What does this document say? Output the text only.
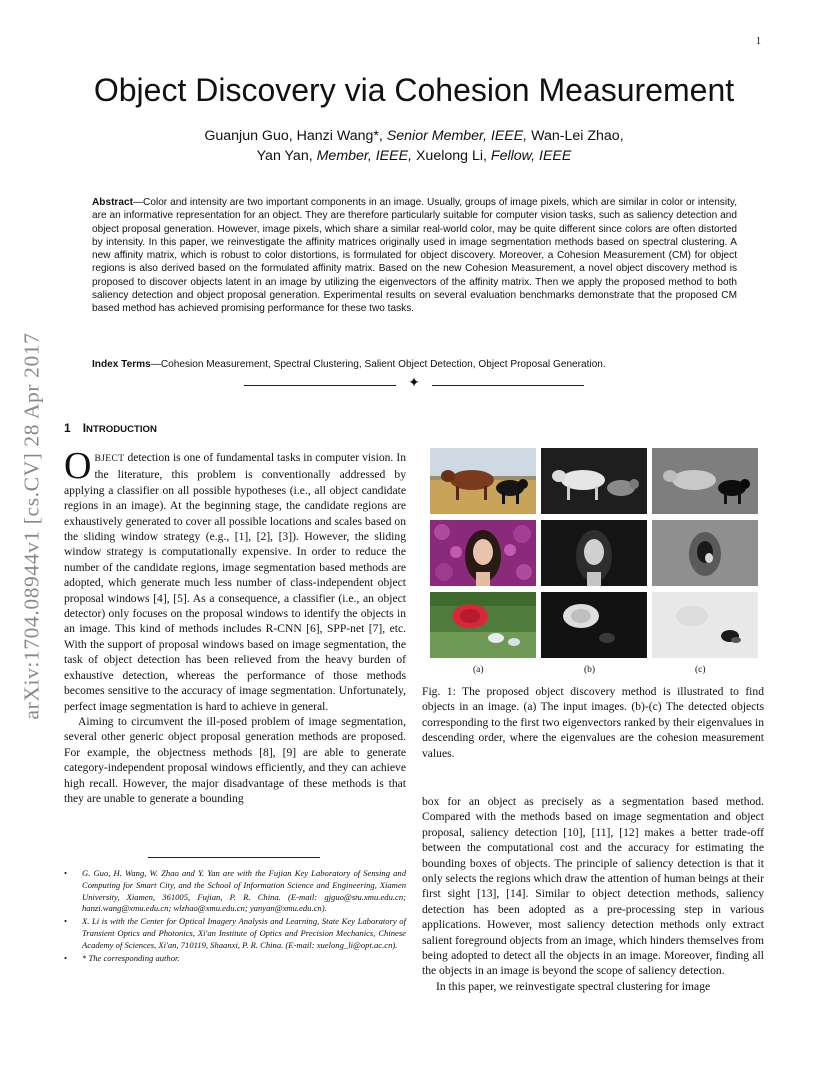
1
arXiv:1704.08944v1 [cs.CV] 28 Apr 2017
Object Discovery via Cohesion Measurement
Guanjun Guo, Hanzi Wang*, Senior Member, IEEE, Wan-Lei Zhao,
Yan Yan, Member, IEEE, Xuelong Li, Fellow, IEEE

Abstract—Color and intensity are two important components in an image. Usually, groups of image pixels, which are similar in color or intensity, are an informative representation for an object. They are therefore particularly suitable for computer vision tasks, such as saliency detection and object proposal generation. However, image pixels, which share a similar real-world color, may be quite different since colors are often distorted by intensity. In this paper, we reinvestigate the affinity matrices originally used in image segmentation methods based on spectral clustering. A new affinity matrix, which is robust to color distortions, is formulated for object discovery. Moreover, a Cohesion Measurement (CM) for object regions is also derived based on the formulated affinity matrix. Based on the new Cohesion Measurement, a novel object discovery method is proposed to discover objects latent in an image by utilizing the eigenvectors of the affinity matrix. Then we apply the proposed method to both saliency detection and object proposal generation. Experimental results on several evaluation benchmarks demonstrate that the proposed CM based method has achieved promising performance for these two tasks.

Index Terms—Cohesion Measurement, Spectral Clustering, Salient Object Detection, Object Proposal Generation.

✦
1 INTRODUCTION

OBJECT detection is one of fundamental tasks in computer vision. In the literature, this problem is conventionally addressed by applying a classifier on all possible hypotheses (i.e., all object candidate regions in an image). At the beginning stage, the candidate regions are exhaustively generated to cover all possible locations and scales based on the sliding window strategy (e.g., [1], [2], [3]). However, the sliding window strategy is computationally expensive. In order to reduce the number of the candidate regions, image segmentation based methods are adopted, which generate much less number of class-independent object proposal windows [4], [5]. As a consequence, a classifier (i.e., an object detector) only focuses on the proposal windows to identify the objects in an image. This kind of methods includes R-CNN [6], SPP-net [7], etc. With the support of proposal windows based on image segmentation, the task of object detection has been relieved from the heavy burden of exhaustive detection, whereas the performance of those methods becomes sensitive to the accuracy of image segmentation. Unfortunately, perfect image segmentation is hard to achieve in general.

Aiming to circumvent the ill-posed problem of image segmentation, several other generic object proposal generation methods are proposed. For example, the objectness methods [8], [9] are able to generate category-independent proposal windows efficiently, and they can achieve high recall. However, the major disadvantage of these methods is that they are unable to generate a bounding

• G. Guo, H. Wang, W. Zhao and Y. Yan are with the Fujian Key Laboratory of Sensing and Computing for Smart City, and the School of Information Science and Engineering, Xiamen University, Xiamen, 361005, Fujian, P. R. China. (E-mail: gjguo@stu.xmu.edu.cn; hanzi.wang@xmu.edu.cn; wlzhao@xmu.edu.cn; yanyan@xmu.edu.cn).
• X. Li is with the Center for Optical Imagery Analysis and Learning, State Key Laboratory of Transient Optics and Photonics, Xi'an Institute of Optics and Precision Mechanics, Chinese Academy of Sciences, Xi'an, 710119, Shaanxi, P. R. China. (E-mail: xuelong_li@opt.ac.cn).
• * The corresponding author.
(a)	(b)	(c)

Fig. 1: The proposed object discovery method is illustrated to find objects in an image. (a) The input images. (b)-(c) The detected objects corresponding to the first two eigenvectors ranked by their eigenvalues in descending order, where the eigenvalues are the cohesion measurement values.

box for an object as precisely as a segmentation based method. Compared with the methods based on image segmentation and object proposal, saliency detection [10], [11], [12] makes a better trade-off between the computational cost and the accuracy for estimating the bounding boxes of objects. The principle of saliency detection is that it only selects the regions which draw the attention of human beings at their first sight [13], [14]. Similar to object detection methods, saliency detection has been adopted as a pre-processing step in various applications. However, most saliency detection methods only extract salient foreground objects from an image, which hinders themselves from being adopted to detect all the objects in an image. Moreover, finding all the objects in an image is beyond the scope of saliency detection.

In this paper, we reinvestigate spectral clustering for image
